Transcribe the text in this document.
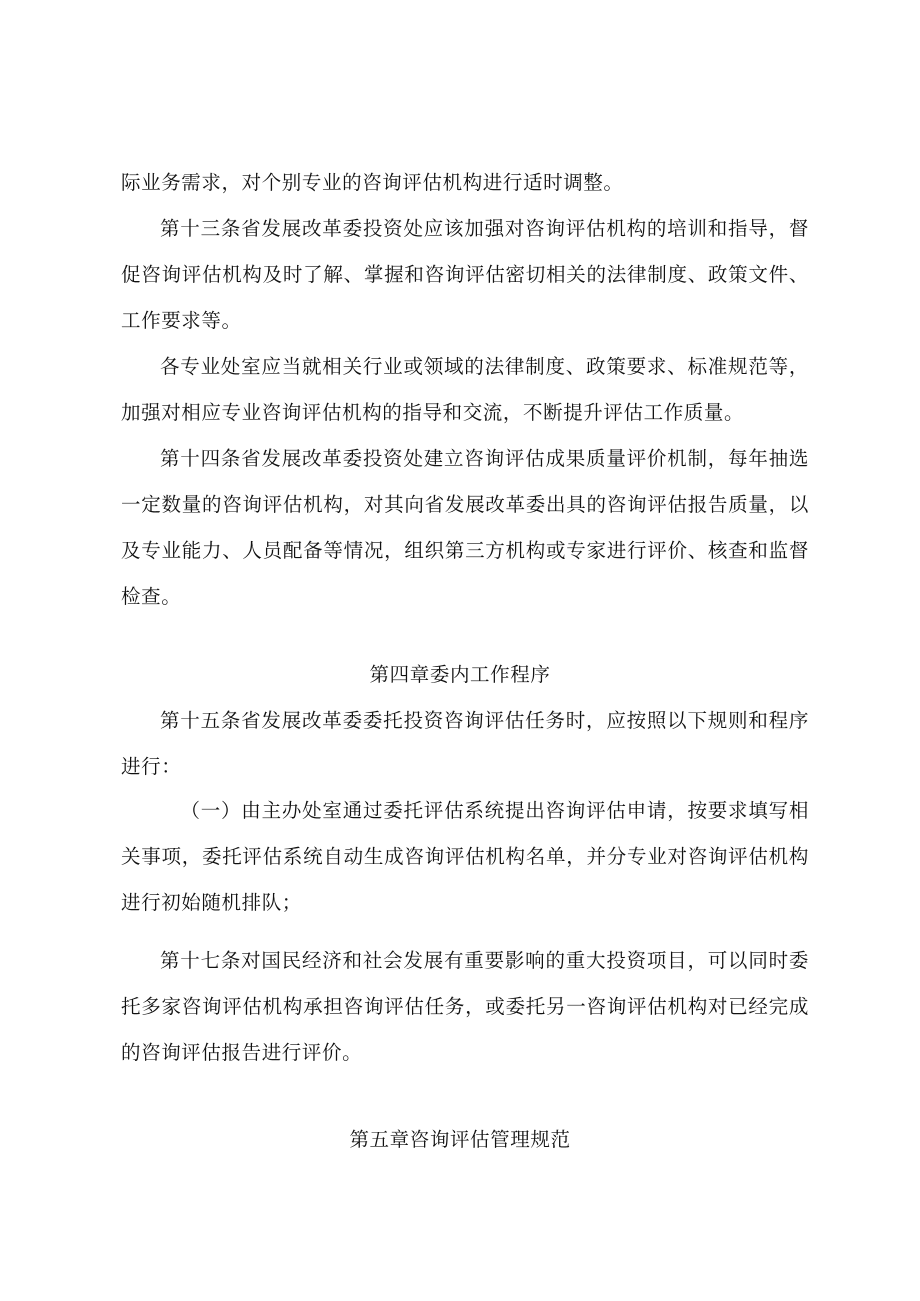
际业务需求，对个别专业的咨询评估机构进行适时调整。

第十三条省发展改革委投资处应该加强对咨询评估机构的培训和指导，督促咨询评估机构及时了解、掌握和咨询评估密切相关的法律制度、政策文件、工作要求等。

各专业处室应当就相关行业或领域的法律制度、政策要求、标准规范等，加强对相应专业咨询评估机构的指导和交流，不断提升评估工作质量。

第十四条省发展改革委投资处建立咨询评估成果质量评价机制，每年抽选一定数量的咨询评估机构，对其向省发展改革委出具的咨询评估报告质量，以及专业能力、人员配备等情况，组织第三方机构或专家进行评价、核查和监督检查。

第四章委内工作程序

第十五条省发展改革委委托投资咨询评估任务时，应按照以下规则和程序进行：

（一）由主办处室通过委托评估系统提出咨询评估申请，按要求填写相关事项，委托评估系统自动生成咨询评估机构名单，并分专业对咨询评估机构进行初始随机排队；

第十七条对国民经济和社会发展有重要影响的重大投资项目，可以同时委托多家咨询评估机构承担咨询评估任务，或委托另一咨询评估机构对已经完成的咨询评估报告进行评价。

第五章咨询评估管理规范
